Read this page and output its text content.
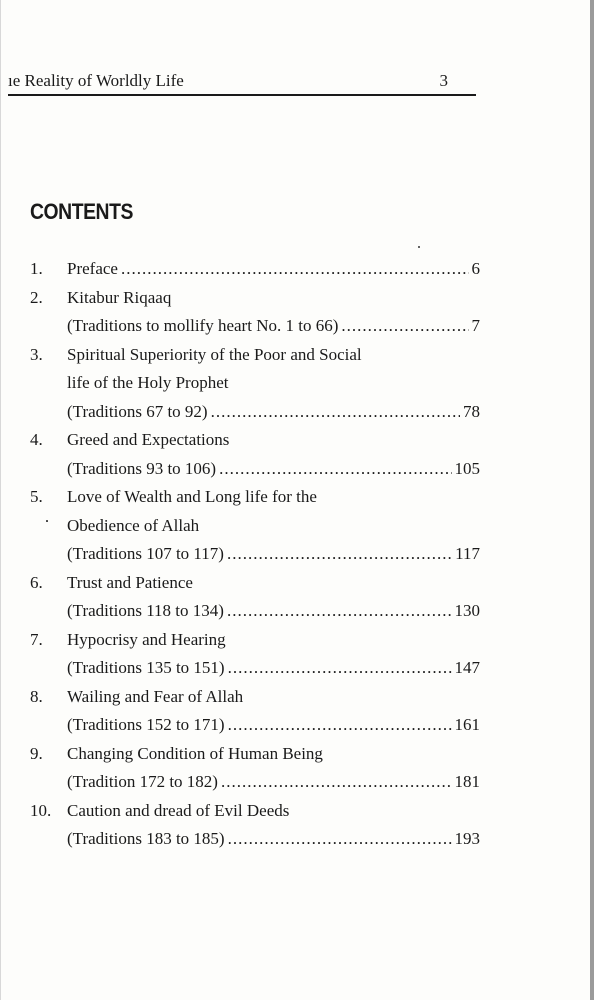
ıe Reality of Worldly Life	3
CONTENTS
1. Preface .....	6
2. Kitabur Riqaaq
(Traditions to mollify heart No. 1 to 66) .....	7
3. Spiritual Superiority of the Poor and Social
life of the Holy Prophet
(Traditions 67 to 92) .....	78
4. Greed and Expectations
(Traditions 93 to 106) .....	105
5. Love of Wealth and Long life for the
Obedience of Allah
(Traditions 107 to 117) .....	117
6. Trust and Patience
(Traditions 118 to 134) .....	130
7. Hypocrisy and Hearing
(Traditions 135 to 151) .....	147
8. Wailing and Fear of Allah
(Traditions 152 to 171) .....	161
9. Changing Condition of Human Being
(Tradition 172 to 182) .....	181
10. Caution and dread of Evil Deeds
(Traditions 183 to 185) .....	193
